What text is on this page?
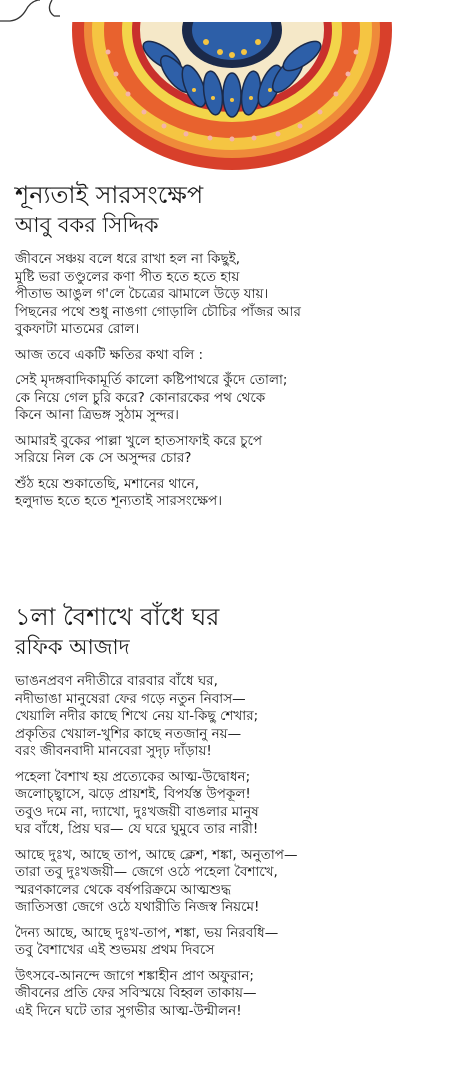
শূন্যতাই সারসংক্ষেপ
আবু বকর সিদ্দিক
জীবনে সঞ্চয় বলে ধরে রাখা হল না কিছুই,
মুষ্টি ভরা তণ্ডুলের কণা পীত হতে হতে হায়
পীতাভ আঙুল গ'লে চৈত্রের ঝামালে উড়ে যায়।
পিছনের পথে শুধু নাঙগা গোড়ালি চৌচির পাঁজর আর
বুকফাটা মাতমের রোল।
আজ তবে একটি ক্ষতির কথা বলি :
সেই মৃদঙ্গবাদিকামূর্তি কালো কষ্টিপাথরে কুঁদে তোলা;
কে নিয়ে গেল চুরি করে? কোনারকের পথ থেকে
কিনে আনা ত্রিভঙ্গ সুঠাম সুন্দর।
আমারই বুকের পাল্লা খুলে হাতসাফাই করে চুপে
সরিয়ে নিল কে সে অসুন্দর চোর?
শুঁঠ হয়ে শুকাতেছি, মশানের থানে,
হলুদাভ হতে হতে শূন্যতাই সারসংক্ষেপ।
১লা বৈশাখে বাঁধে ঘর
রফিক আজাদ
ভাঙনপ্রবণ নদীতীরে বারবার বাঁধে ঘর,
নদীভাঙা মানুষেরা ফের গড়ে নতুন নিবাস—
খেয়ালি নদীর কাছে শিখে নেয় যা-কিছু শেখার;
প্রকৃতির খেয়াল-খুশির কাছে নতজানু নয়—
বরং জীবনবাদী মানবেরা সুদৃঢ় দাঁড়ায়!
পহেলা বৈশাখ হয় প্রত্যেকের আত্ম-উদ্বোধন;
জলোচ্ছ্বাসে, ঝড়ে প্রায়শই, বিপর্যস্ত উপকূল!
তবুও দমে না, দ্যাখো, দুঃখজয়ী বাঙলার মানুষ
ঘর বাঁধে, প্রিয় ঘর— যে ঘরে ঘুমুবে তার নারী!
আছে দুঃখ, আছে তাপ, আছে ক্লেশ, শঙ্কা, অনুতাপ—
তারা তবু দুঃখজয়ী— জেগে ওঠে পহেলা বৈশাখে,
স্মরণকালের থেকে বর্ষপরিক্রমে আত্মশুদ্ধ
জাতিসত্তা জেগে ওঠে যথারীতি নিজস্ব নিয়মে!
দৈন্য আছে, আছে দুঃখ-তাপ, শঙ্কা, ভয় নিরবধি—
তবু বৈশাখের এই শুভময় প্রথম দিবসে
উৎসবে-আনন্দে জাগে শঙ্কাহীন প্রাণ অফুরান;
জীবনের প্রতি ফের সবিস্ময়ে বিহ্বল তাকায়—
এই দিনে ঘটে তার সুগভীর আত্ম-উন্মীলন!
